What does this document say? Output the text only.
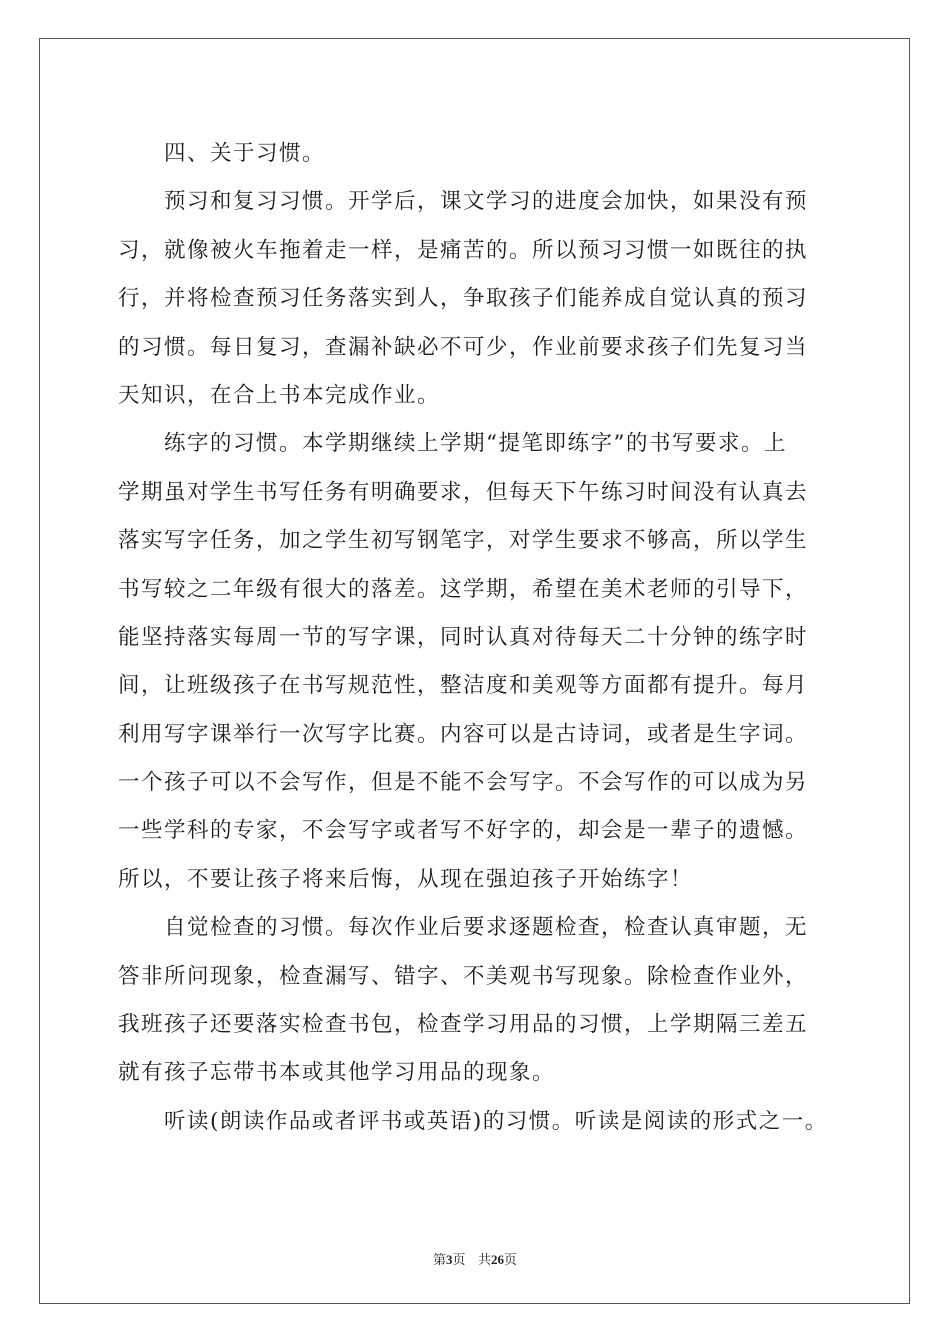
四、关于习惯。
预习和复习习惯。开学后，课文学习的进度会加快，如果没有预
习，就像被火车拖着走一样，是痛苦的。所以预习习惯一如既往的执
行，并将检查预习任务落实到人，争取孩子们能养成自觉认真的预习
的习惯。每日复习，查漏补缺必不可少，作业前要求孩子们先复习当
天知识，在合上书本完成作业。
练字的习惯。本学期继续上学期“提笔即练字”的书写要求。上
学期虽对学生书写任务有明确要求，但每天下午练习时间没有认真去
落实写字任务，加之学生初写钢笔字，对学生要求不够高，所以学生
书写较之二年级有很大的落差。这学期，希望在美术老师的引导下，
能坚持落实每周一节的写字课，同时认真对待每天二十分钟的练字时
间，让班级孩子在书写规范性，整洁度和美观等方面都有提升。每月
利用写字课举行一次写字比赛。内容可以是古诗词，或者是生字词。
一个孩子可以不会写作，但是不能不会写字。不会写作的可以成为另
一些学科的专家，不会写字或者写不好字的，却会是一辈子的遗憾。
所以，不要让孩子将来后悔，从现在强迫孩子开始练字！
自觉检查的习惯。每次作业后要求逐题检查，检查认真审题，无
答非所问现象，检查漏写、错字、不美观书写现象。除检查作业外，
我班孩子还要落实检查书包，检查学习用品的习惯，上学期隔三差五
就有孩子忘带书本或其他学习用品的现象。
听读(朗读作品或者评书或英语)的习惯。听读是阅读的形式之一。
第3页 共26页
